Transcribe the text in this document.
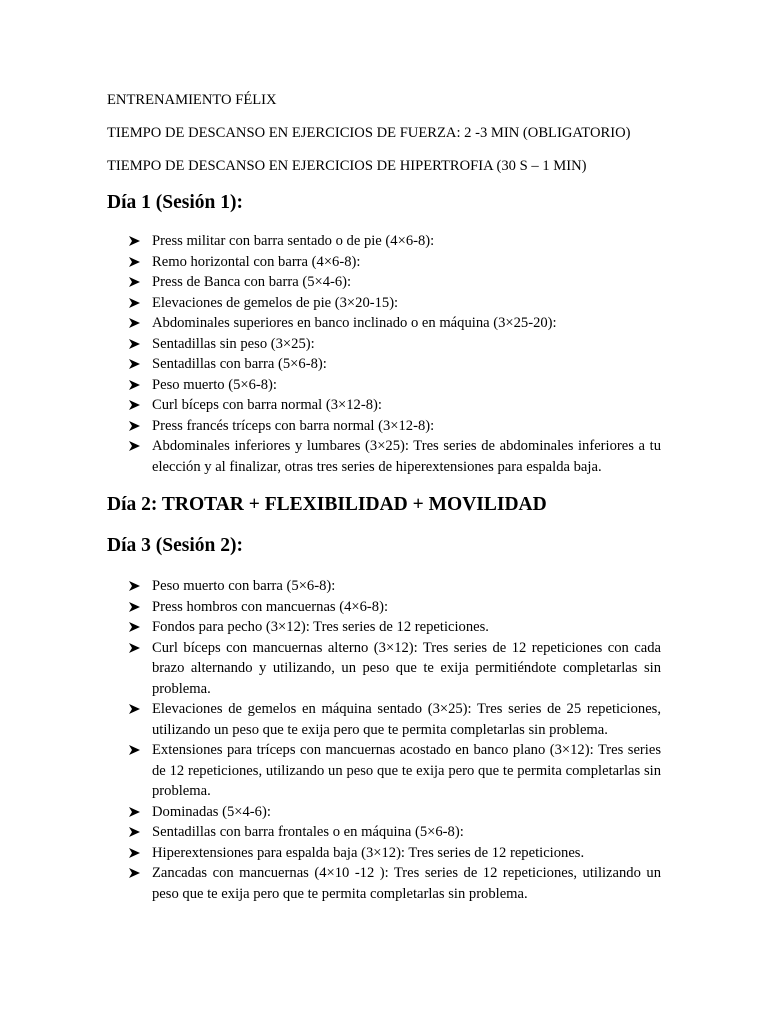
ENTRENAMIENTO FÉLIX

TIEMPO DE DESCANSO EN EJERCICIOS DE FUERZA: 2 -3 MIN (OBLIGATORIO)

TIEMPO DE DESCANSO EN EJERCICIOS DE HIPERTROFIA (30 S – 1 MIN)

Día 1 (Sesión 1):
Press militar con barra sentado o de pie (4×6-8):
Remo horizontal con barra (4×6-8):
Press de Banca con barra (5×4-6):
Elevaciones de gemelos de pie (3×20-15):
Abdominales superiores en banco inclinado o en máquina (3×25-20):
Sentadillas sin peso (3×25):
Sentadillas con barra (5×6-8):
Peso muerto (5×6-8):
Curl bíceps con barra normal (3×12-8):
Press francés tríceps con barra normal (3×12-8):
Abdominales inferiores y lumbares (3×25): Tres series de abdominales inferiores a tu elección y al finalizar, otras tres series de hiperextensiones para espalda baja.
Día 2: TROTAR + FLEXIBILIDAD + MOVILIDAD
Día 3 (Sesión 2):
Peso muerto con barra (5×6-8):
Press hombros con mancuernas (4×6-8):
Fondos para pecho (3×12): Tres series de 12 repeticiones.
Curl bíceps con mancuernas alterno (3×12): Tres series de 12 repeticiones con cada brazo alternando y utilizando, un peso que te exija permitiéndote completarlas sin problema.
Elevaciones de gemelos en máquina sentado (3×25): Tres series de 25 repeticiones, utilizando un peso que te exija pero que te permita completarlas sin problema.
Extensiones para tríceps con mancuernas acostado en banco plano (3×12): Tres series de 12 repeticiones, utilizando un peso que te exija pero que te permita completarlas sin problema.
Dominadas (5×4-6):
Sentadillas con barra frontales o en máquina (5×6-8):
Hiperextensiones para espalda baja (3×12): Tres series de 12 repeticiones.
Zancadas con mancuernas (4×10 -12 ): Tres series de 12 repeticiones, utilizando un peso que te exija pero que te permita completarlas sin problema.
